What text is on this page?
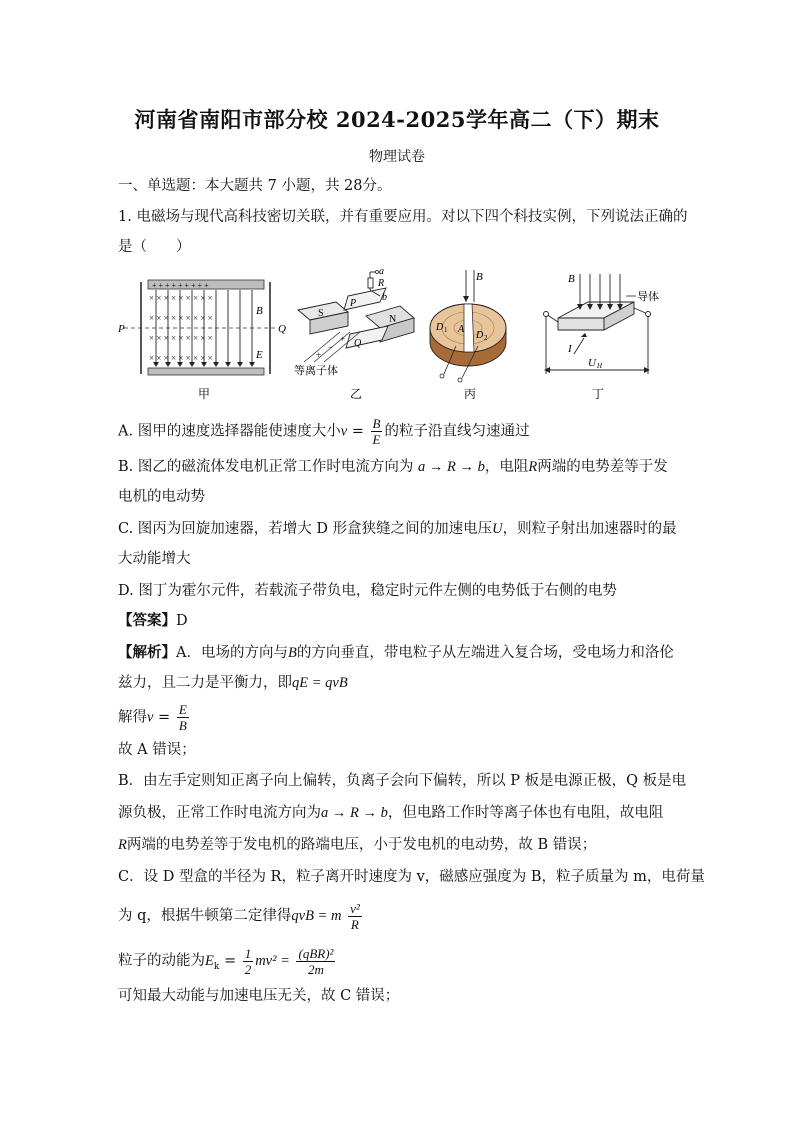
河南省南阳市部分校 2024-2025学年高二（下）期末
物理试卷
一、单选题：本大题共 7 小题，共 28分。
1. 电磁场与现代高科技密切关联，并有重要应用。对以下四个科技实例，下列说法正确的
是（　　）
+ + + + + + + + +
× × × × × × × × ×
× × × × × × × × ×
× × × × × × × × ×
× × × × × × × × ×
P	Q
B
E
甲
S
P
Q
N
a
R
b
+
−
+
等离子体
乙
B
A
D 1	D 2
丙
B
导体
I
U H
丁
A. 图甲的速度选择器能使速度大小$v = \frac{B}{E}$ 的粒子沿直线匀速通过
B. 图乙的磁流体发电机正常工作时电流方向为 a → R → b，电阻R两端的电势差等于发
电机的电动势
C. 图丙为回旋加速器，若增大 D 形盒狭缝之间的加速电压U，则粒子射出加速器时的最
大动能增大
D. 图丁为霍尔元件，若载流子带负电，稳定时元件左侧的电势低于右侧的电势
【答案】D
【解析】A．电场的方向与B的方向垂直，带电粒子从左端进入复合场，受电场力和洛伦
兹力，且二力是平衡力，即qE = qvB
解得$v = \frac{E}{B}$
故 A 错误；
B．由左手定则知正离子向上偏转，负离子会向下偏转，所以 P 板是电源正极，Q 板是电
源负极，正常工作时电流方向为a → R → b，但电路工作时等离子体也有电阻，故电阻
R两端的电势差等于发电机的路端电压，小于发电机的电动势，故 B 错误；
C．设 D 型盒的半径为 R，粒子离开时速度为 v，磁感应强度为 B，粒子质量为 m，电荷量
为 q，根据牛顿第二定律得qvB = m $\frac{\text{v²}}{R}$
粒子的动能为$E_k = \frac{1}{2} mv^2 = \frac{\text{(qBR)²}}{2m}$
可知最大动能与加速电压无关，故 C 错误；
